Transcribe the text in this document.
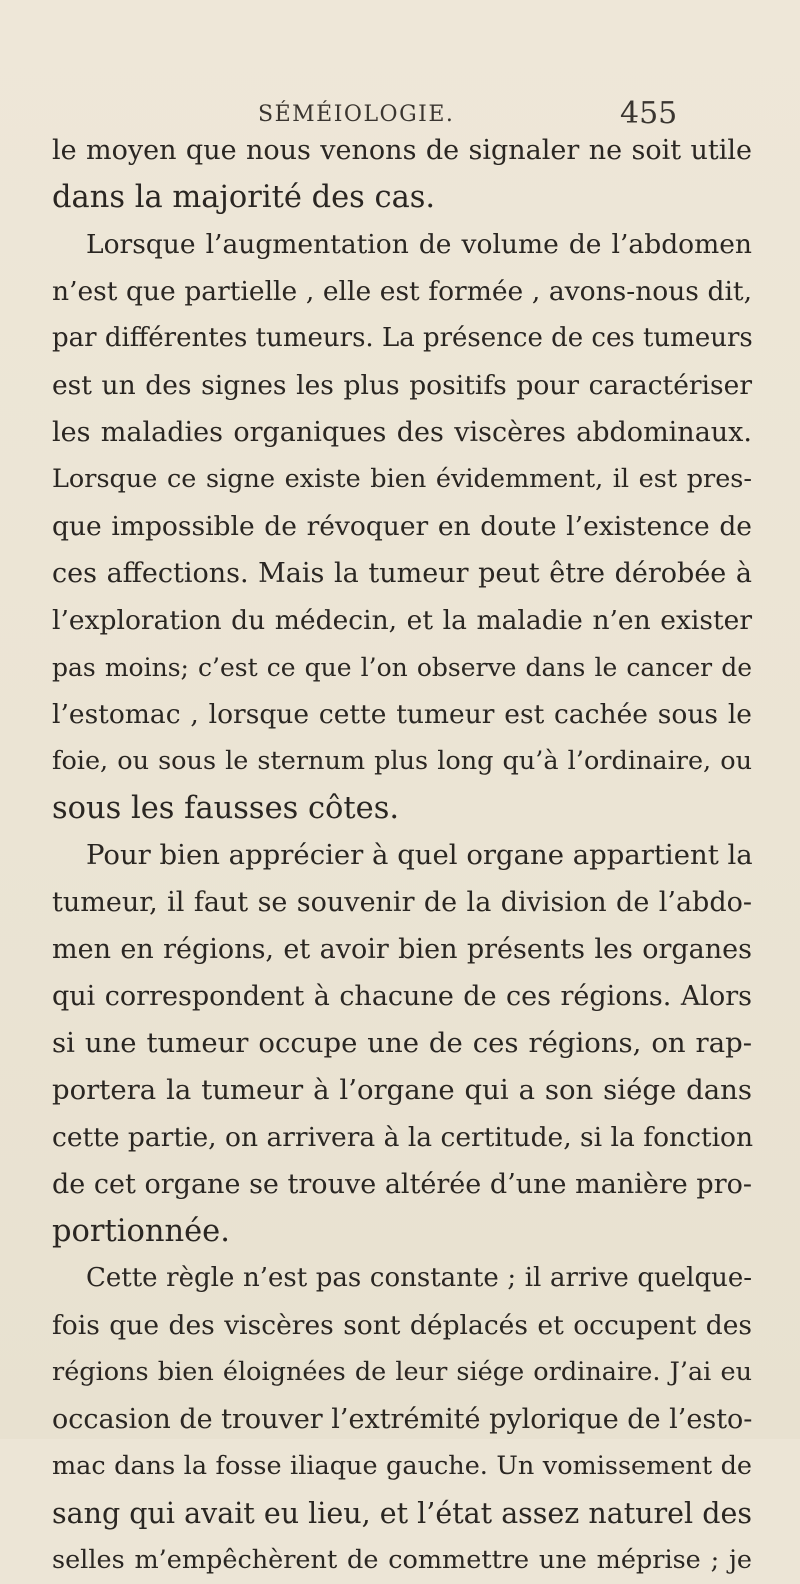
SÉMÉIOLOGIE.	455
le moyen que nous venons de signaler ne soit utile
dans la majorité des cas.
Lorsque l’augmentation de volume de l’abdomen
n’est que partielle , elle est formée , avons-nous dit,
par différentes tumeurs. La présence de ces tumeurs
est un des signes les plus positifs pour caractériser
les maladies organiques des viscères abdominaux.
Lorsque ce signe existe bien évidemment, il est pres-
que impossible de révoquer en doute l’existence de
ces affections. Mais la tumeur peut être dérobée à
l’exploration du médecin, et la maladie n’en exister
pas moins; c’est ce que l’on observe dans le cancer de
l’estomac , lorsque cette tumeur est cachée sous le
foie, ou sous le sternum plus long qu’à l’ordinaire, ou
sous les fausses côtes.
Pour bien apprécier à quel organe appartient la
tumeur, il faut se souvenir de la division de l’abdo-
men en régions, et avoir bien présents les organes
qui correspondent à chacune de ces régions. Alors
si une tumeur occupe une de ces régions, on rap-
portera la tumeur à l’organe qui a son siége dans
cette partie, on arrivera à la certitude, si la fonction
de cet organe se trouve altérée d’une manière pro-
portionnée.
Cette règle n’est pas constante ; il arrive quelque-
fois que des viscères sont déplacés et occupent des
régions bien éloignées de leur siége ordinaire. J’ai eu
occasion de trouver l’extrémité pylorique de l’esto-
mac dans la fosse iliaque gauche. Un vomissement de
sang qui avait eu lieu, et l’état assez naturel des
selles m’empêchèrent de commettre une méprise ; je
